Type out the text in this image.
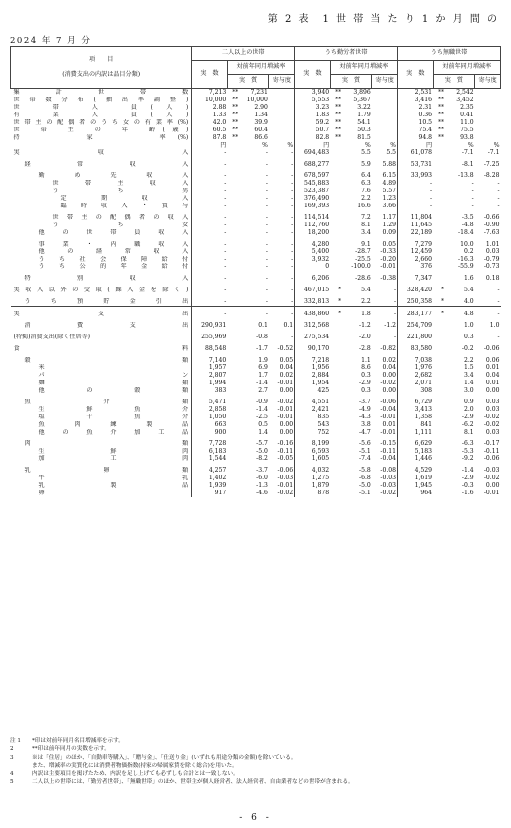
第 2 表　1 世 帯 当 た り 1 か 月 間 の
2024 年 7 月 分
項　　目
(消費支出の内訳は品目分類)	二人以上の世帯				うち勤労者世帯				うち無職世帯			
	実　数	対前年同月増減率			実　数	対前年同月増減率			実　数	対前年同月増減率		
		実　質		寄与度		実　質		寄与度		実　質		寄与度
集　計　世　帯　数	7,213	**	7,231		3,940	**	3,896		2,531	**	2,542	
世帯数分布(抽出率調整)	10,000	**	10,000		5,553	**	5,367		3,416	**	3,452	
世　帯　人　員(人)	2.88	**	2.90		3.23	**	3.22		2.31	**	2.35	
有　業　人　員(人)	1.33	**	1.34		1.83	**	1.79		0.36	**	0.41	
世帯主の配偶者のうち女の有業率(%)	42.0	**	39.9		59.2	**	54.1		10.5	**	11.0	
世　帯　主　の　年　齢(歳)	60.5	**	60.4		50.7	**	50.3		75.4	**	75.5	
持　　　家　　　率(%)	87.8	**	86.6		82.8	**	81.5		94.8	**	93.8	
	円		%	%	円		%	%	円		%	%
実　　　　　収　　　　　入	-		-	-	694,483		5.5	5.5	61,078		-7.1	-7.1

経　　常　　収　　入	-		-	-	688,277		5.9	5.88	53,731		-8.1	-7.25

勤　め　先　収　入	-		-	-	678,597		6.4	6.15	33,993		-13.8	-8.28
世　帯　主　収　入	-		-	-	545,883		6.3	4.89	-		-	-
う　　　ち　　　男	-		-	-	523,387		7.6	5.57	-		-	-
定　期　収　入	-		-	-	376,490		2.2	1.23	-		-	-
臨時収入・賞与	-		-	-	169,393		16.6	3.66	-		-	-

世帯主の配偶者の収入	-		-	-	114,514		7.2	1.17	11,804		-3.5	-0.66
う　　　ち　　　女	-		-	-	112,760		8.1	1.29	11,645		-4.8	-0.90
他　の　世　帯　員　収　入	-		-	-	18,200		3.4	0.09	22,189		-18.4	-7.63

事　業　・　内　職　収　入	-		-	-	4,280		9.1	0.05	7,279		10.0	1.01
他　の　経　常　収　入	-		-	-	5,400		-28.7	-0.33	12,459		0.2	0.03
う　ち　社　会　保　障　給　付	-		-	-	3,932		-25.5	-0.20	2,660		-16.3	-0.79
う　ち　公　的　年　金　給　付	-		-	-	0		-100.0	-0.01	376		-55.9	-0.73

特　　　別　　　収　　　入	-		-	-	6,206		-28.6	-0.38	7,347		1.6	0.18

実収入以外の受取(繰入金を除く)	-		-	-	467,015	*	5.4	-	328,420	*	5.4	-

う　ち　預　貯　金　引　出	-		-	-	332,813	*	2.2	-	250,358	*	4.0	-

実　　　　　支　　　　　出	-		-	-	438,860	*	1.8	-	283,177	*	4.8	-

消　　費　　支　　出	290,931		0.1	0.1	312,568		-1.2	-1.2	254,709		1.0	1.0

(特掲)消費支出(除く住居等)	255,969		-0.8	-	275,534		-2.0	-	221,800		0.3	-

食　　　　　　　　　　料	88,548		-1.7	-0.52	90,170		-2.8	-0.82	83,580		-0.2	-0.06

穀　　　　　　　類	7,140		1.9	0.05	7,218		1.1	0.02	7,038		2.2	0.06
米	1,957		6.9	0.04	1,956		8.6	0.04	1,976		1.5	0.01
パ　　　　　ン	2,807		1.7	0.02	2,884		0.3	0.00	2,682		3.4	0.04
麺　　　　　類	1,994		-1.4	-0.01	1,954		-2.9	-0.02	2,071		1.4	0.01
他　の　穀　類	383		2.7	0.00	425		0.3	0.00	308		3.0	0.00

魚　　　　　介　　　　　類	5,471		-0.9	-0.02	4,551		-3.7	-0.06	6,729		0.9	0.03
生　鮮　魚　介	2,858		-1.4	-0.01	2,421		-4.9	-0.04	3,413		2.0	0.03
塩　干　魚　介	1,050		-2.5	-0.01	835		-4.3	-0.01	1,358		-2.9	-0.02
魚　肉　練　製　品	663		0.5	0.00	543		3.8	0.01	841		-6.2	-0.02
他　の　魚　介　加　工　品	900		1.4	0.00	752		-4.7	-0.01	1,111		8.1	0.03

肉　　　　　　　類	7,728		-5.7	-0.16	8,199		-5.6	-0.15	6,629		-6.3	-0.17
生　　　鮮　　　肉	6,183		-5.0	-0.11	6,593		-5.1	-0.11	5,183		-5.3	-0.11
加　　　工　　　肉	1,544		-8.2	-0.05	1,605		-7.4	-0.04	1,446		-9.2	-0.06

乳　　　　　卵　　　　　類	4,257		-3.7	-0.06	4,032		-5.8	-0.08	4,529		-1.4	-0.03
牛　　　　　乳	1,402		-6.0	-0.03	1,275		-6.8	-0.03	1,619		-2.9	-0.02
乳　　製　　品	1,939		-1.3	-0.01	1,879		-5.0	-0.03	1,945		-0.3	0.00
卵	917		-4.6	-0.02	878		-5.1	-0.02	964		-1.6	-0.01
注 1 *印は対前年同月名目増減率を示す。
2	**印は前年同月の実数を示す。
3	※は「住居」のほか、「自動車等購入」、「贈与金」、「仕送り金」(いずれも用途分類の金額)を除いている。
また、増減率の実質化には消費者物価指数(持家の帰属家賃を除く総合)を用いた。
4	内訳は主要項目を掲げたため、内訳を足し上げても必ずしも合計とは一致しない。
5	二人以上の世帯には、「勤労者世帯」、「無職世帯」のほか、世帯主が個人経営者、法人経営者、自由業者などの世帯が含まれる。
- 6 -
